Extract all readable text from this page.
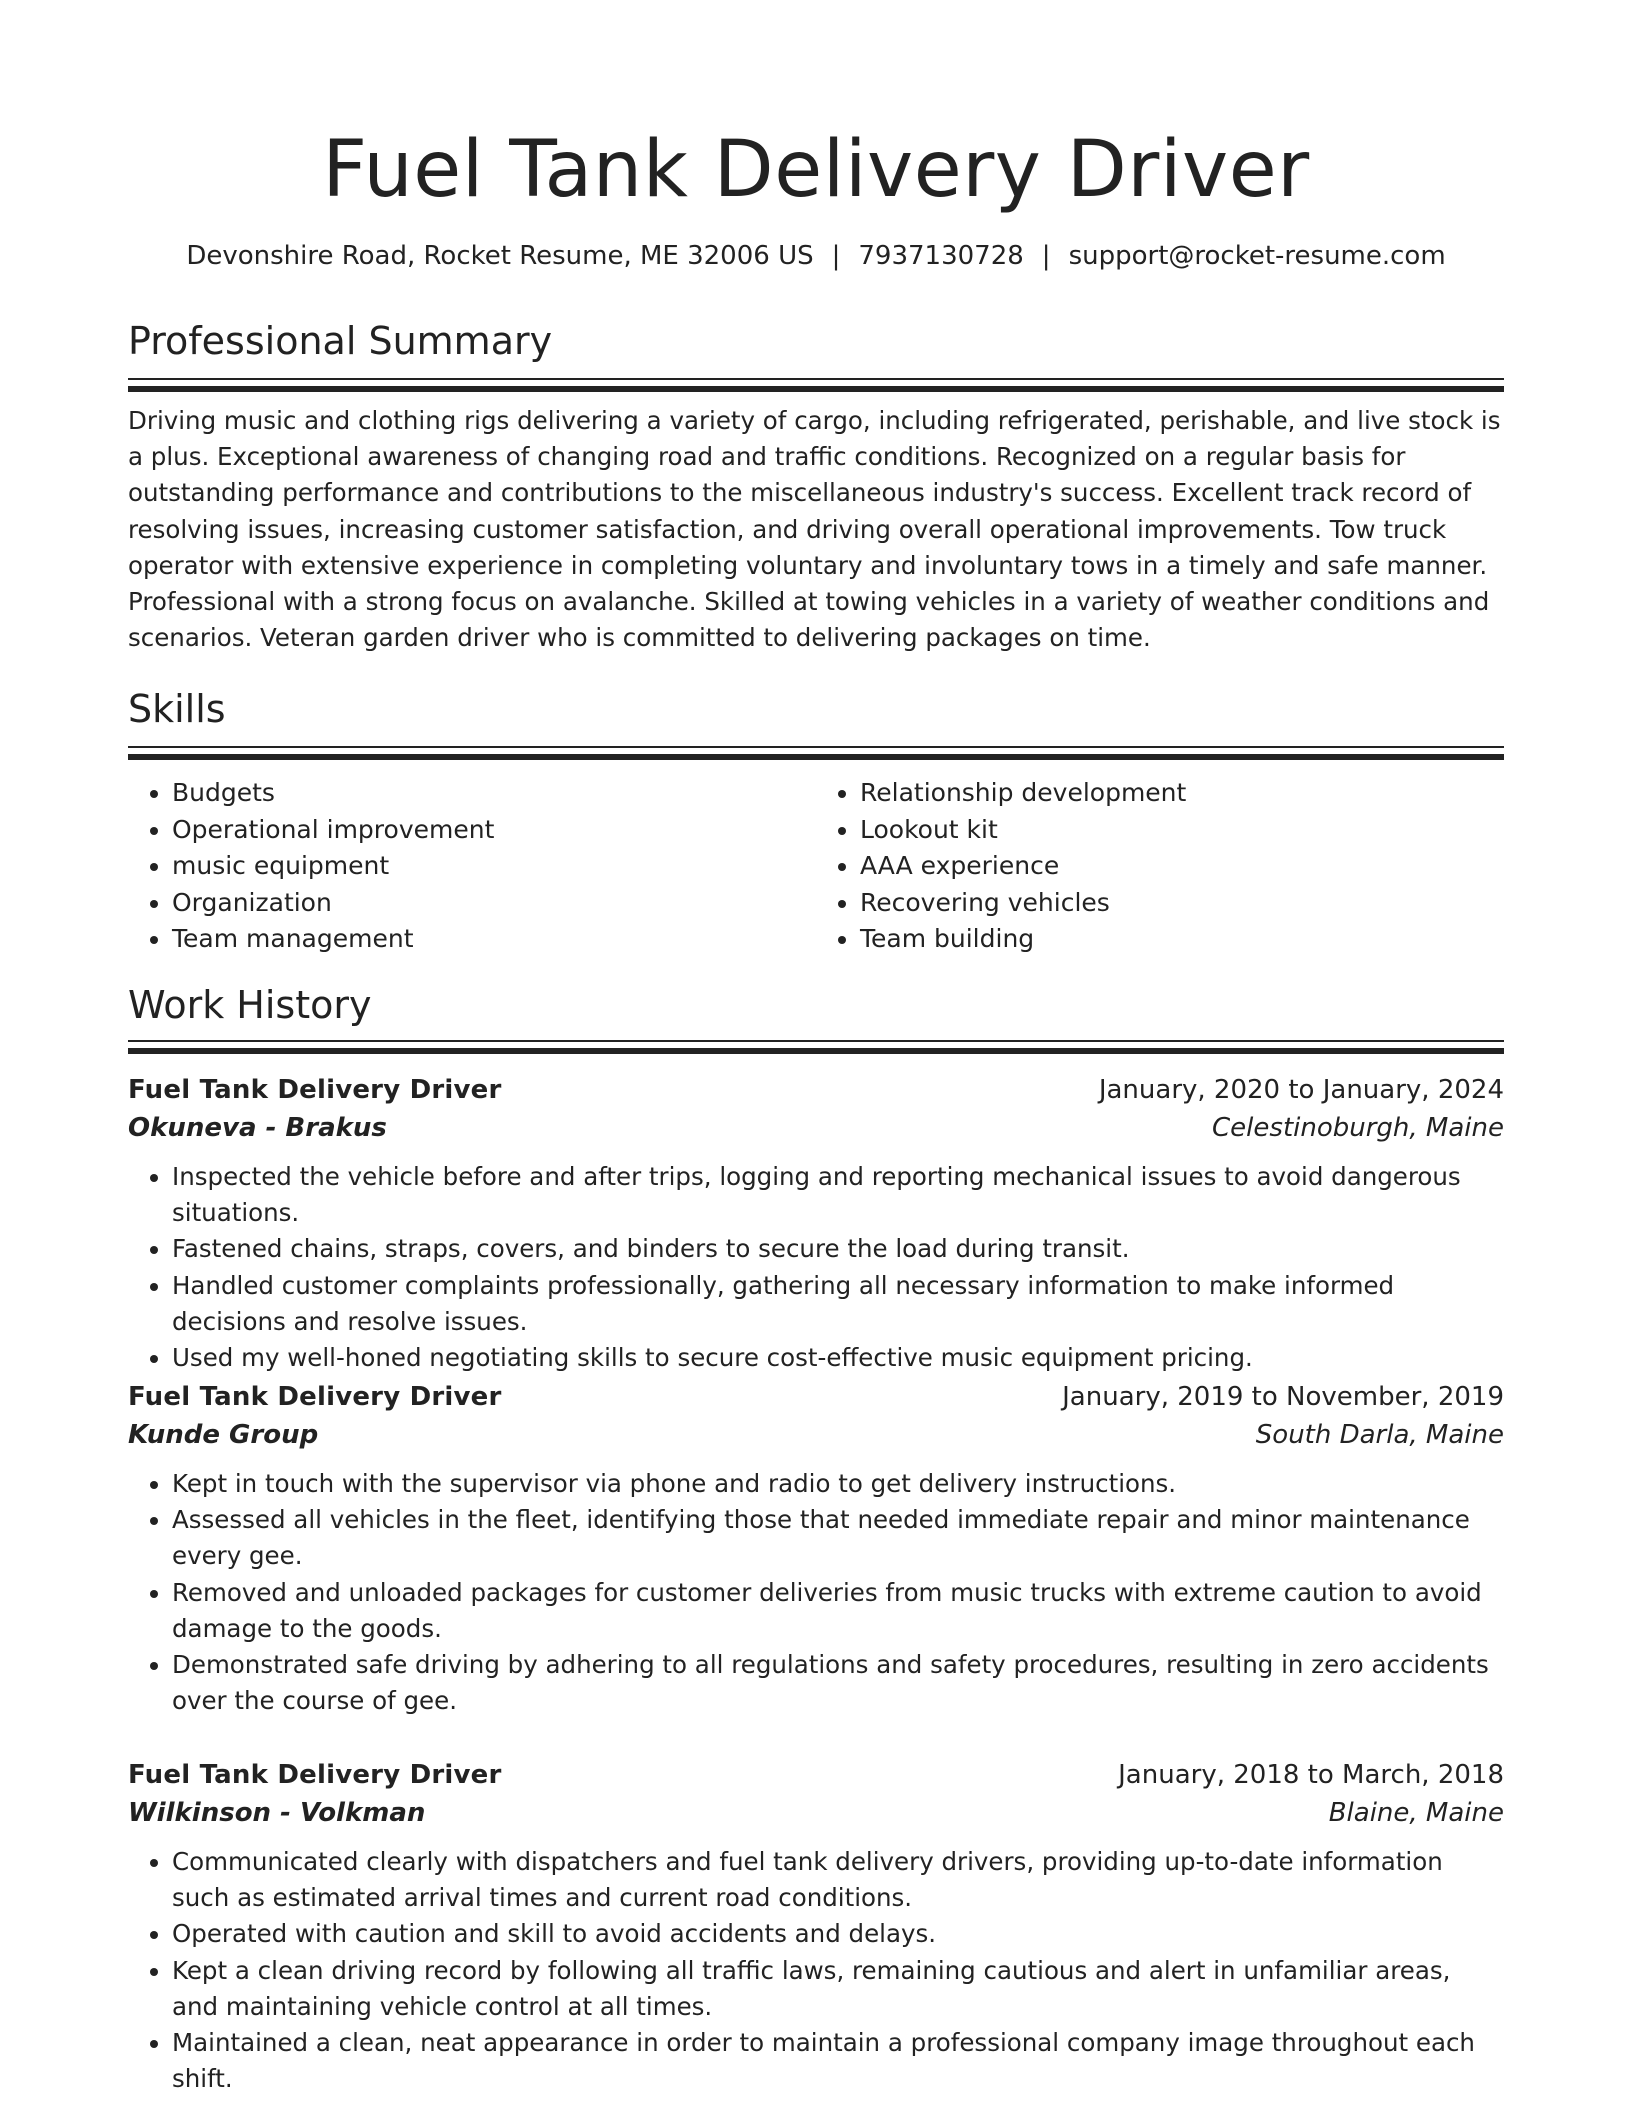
Fuel Tank Delivery Driver
Devonshire Road, Rocket Resume, ME 32006 US | 7937130728 | support@rocket-resume.com
Professional Summary

Driving music and clothing rigs delivering a variety of cargo, including refrigerated, perishable, and live stock is a plus. Exceptional awareness of changing road and traffic conditions. Recognized on a regular basis for outstanding performance and contributions to the miscellaneous industry's success. Excellent track record of resolving issues, increasing customer satisfaction, and driving overall operational improvements. Tow truck operator with extensive experience in completing voluntary and involuntary tows in a timely and safe manner. Professional with a strong focus on avalanche. Skilled at towing vehicles in a variety of weather conditions and scenarios. Veteran garden driver who is committed to delivering packages on time.

Skills
• Budgets
• Operational improvement
• music equipment
• Organization
• Team management
• Relationship development
• Lookout kit
• AAA experience
• Recovering vehicles
• Team building
Work History
Fuel Tank Delivery Driver	January, 2020 to January, 2024
Okuneva - Brakus	Celestinoburgh, Maine
• Inspected the vehicle before and after trips, logging and reporting mechanical issues to avoid dangerous situations.
• Fastened chains, straps, covers, and binders to secure the load during transit.
• Handled customer complaints professionally, gathering all necessary information to make informed decisions and resolve issues.
• Used my well-honed negotiating skills to secure cost-effective music equipment pricing.
Fuel Tank Delivery Driver	January, 2019 to November, 2019
Kunde Group	South Darla, Maine
• Kept in touch with the supervisor via phone and radio to get delivery instructions.
• Assessed all vehicles in the fleet, identifying those that needed immediate repair and minor maintenance every gee.
• Removed and unloaded packages for customer deliveries from music trucks with extreme caution to avoid damage to the goods.
• Demonstrated safe driving by adhering to all regulations and safety procedures, resulting in zero accidents over the course of gee.
Fuel Tank Delivery Driver	January, 2018 to March, 2018
Wilkinson - Volkman	Blaine, Maine
• Communicated clearly with dispatchers and fuel tank delivery drivers, providing up-to-date information such as estimated arrival times and current road conditions.
• Operated with caution and skill to avoid accidents and delays.
• Kept a clean driving record by following all traffic laws, remaining cautious and alert in unfamiliar areas, and maintaining vehicle control at all times.
• Maintained a clean, neat appearance in order to maintain a professional company image throughout each shift.
